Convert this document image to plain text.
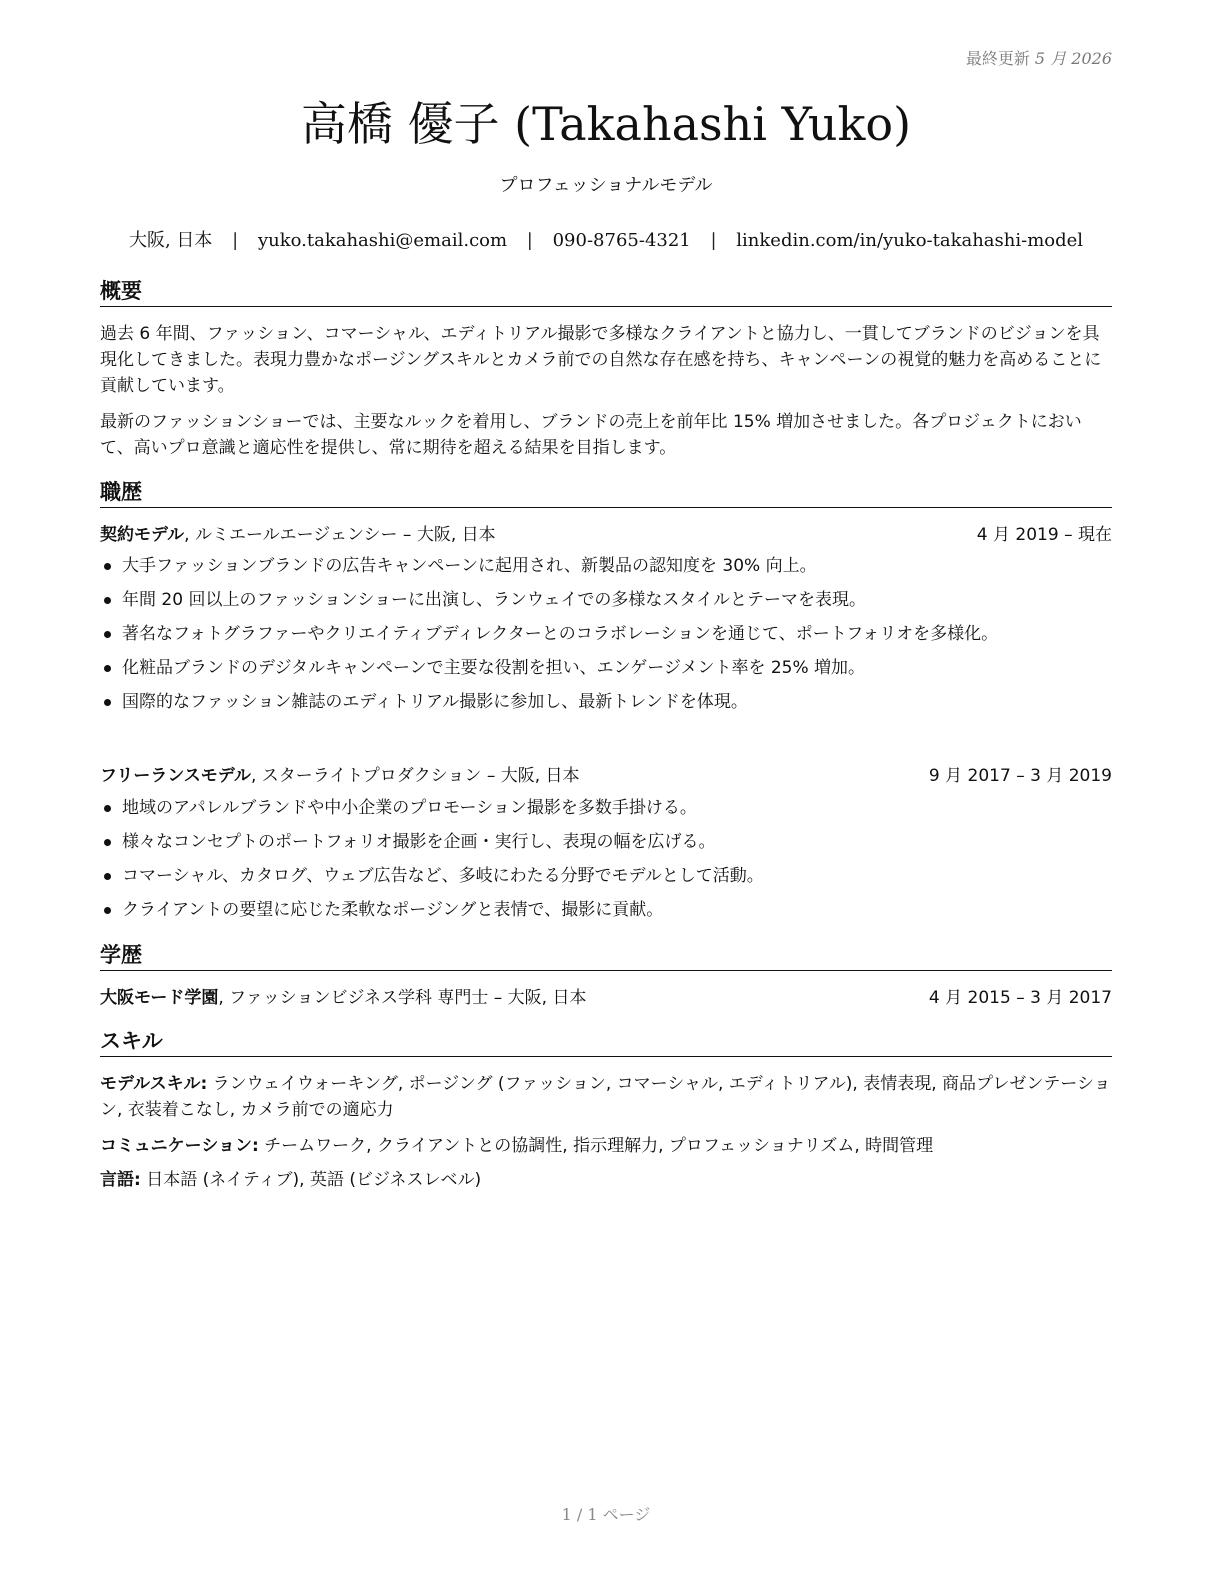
最終更新 5 月 2026
高橋 優子 (Takahashi Yuko)
プロフェッショナルモデル
大阪, 日本 | yuko.takahashi@email.com | 090-8765-4321 | linkedin.com/in/yuko-takahashi-model
概要
過去 6 年間、ファッション、コマーシャル、エディトリアル撮影で多様なクライアントと協力し、一貫してブランドのビジョンを具現化してきました。表現力豊かなポージングスキルとカメラ前での自然な存在感を持ち、キャンペーンの視覚的魅力を高めることに貢献しています。
最新のファッションショーでは、主要なルックを着用し、ブランドの売上を前年比 15% 増加させました。各プロジェクトにおいて、高いプロ意識と適応性を提供し、常に期待を超える結果を目指します。
職歴
契約モデル, ルミエールエージェンシー – 大阪, 日本	4 月 2019 – 現在
大手ファッションブランドの広告キャンペーンに起用され、新製品の認知度を 30% 向上。
年間 20 回以上のファッションショーに出演し、ランウェイでの多様なスタイルとテーマを表現。
著名なフォトグラファーやクリエイティブディレクターとのコラボレーションを通じて、ポートフォリオを多様化。
化粧品ブランドのデジタルキャンペーンで主要な役割を担い、エンゲージメント率を 25% 増加。
国際的なファッション雑誌のエディトリアル撮影に参加し、最新トレンドを体現。
フリーランスモデル, スターライトプロダクション – 大阪, 日本	9 月 2017 – 3 月 2019
地域のアパレルブランドや中小企業のプロモーション撮影を多数手掛ける。
様々なコンセプトのポートフォリオ撮影を企画・実行し、表現の幅を広げる。
コマーシャル、カタログ、ウェブ広告など、多岐にわたる分野でモデルとして活動。
クライアントの要望に応じた柔軟なポージングと表情で、撮影に貢献。
学歴
大阪モード学園, ファッションビジネス学科 専門士 – 大阪, 日本	4 月 2015 – 3 月 2017
スキル
モデルスキル: ランウェイウォーキング, ポージング (ファッション, コマーシャル, エディトリアル), 表情表現, 商品プレゼンテーション, 衣装着こなし, カメラ前での適応力
コミュニケーション: チームワーク, クライアントとの協調性, 指示理解力, プロフェッショナリズム, 時間管理
言語: 日本語 (ネイティブ), 英語 (ビジネスレベル)
1 / 1 ページ
